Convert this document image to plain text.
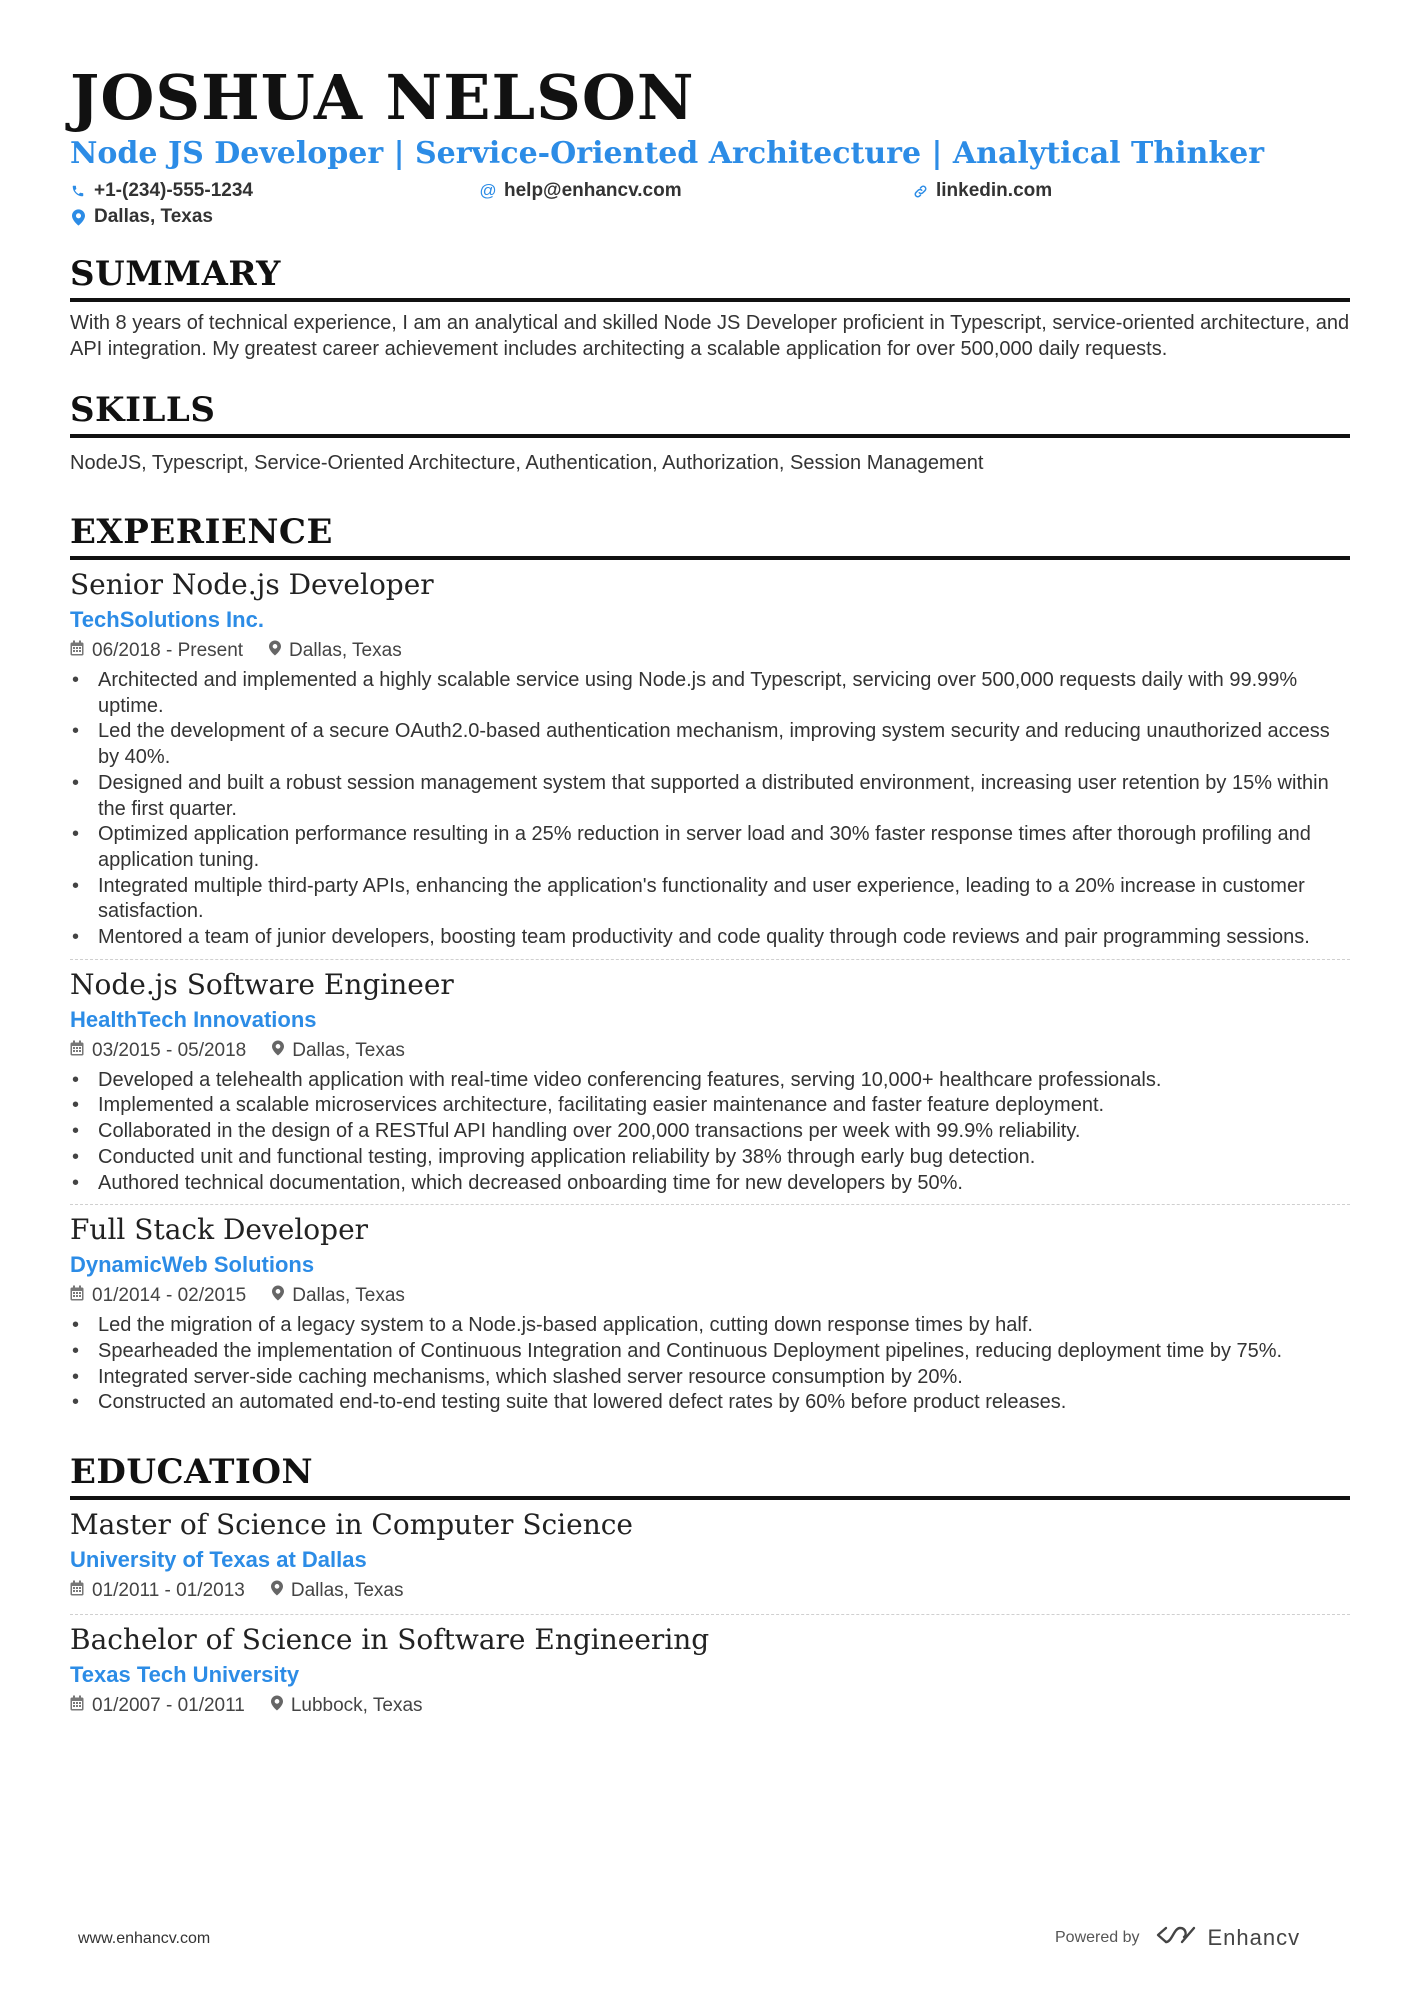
JOSHUA NELSON
Node JS Developer | Service-Oriented Architecture | Analytical Thinker
+1-(234)-555-1234	@ help@enhancv.com	linkedin.com
Dallas, Texas
SUMMARY
With 8 years of technical experience, I am an analytical and skilled Node JS Developer proficient in Typescript, service-oriented architecture, and API integration. My greatest career achievement includes architecting a scalable application for over 500,000 daily requests.
SKILLS
NodeJS, Typescript, Service-Oriented Architecture, Authentication, Authorization, Session Management
EXPERIENCE
Senior Node.js Developer
TechSolutions Inc.
06/2018 - Present Dallas, Texas
• Architected and implemented a highly scalable service using Node.js and Typescript, servicing over 500,000 requests daily with 99.99% uptime.
• Led the development of a secure OAuth2.0-based authentication mechanism, improving system security and reducing unauthorized access by 40%.
• Designed and built a robust session management system that supported a distributed environment, increasing user retention by 15% within the first quarter.
• Optimized application performance resulting in a 25% reduction in server load and 30% faster response times after thorough profiling and application tuning.
• Integrated multiple third-party APIs, enhancing the application's functionality and user experience, leading to a 20% increase in customer satisfaction.
• Mentored a team of junior developers, boosting team productivity and code quality through code reviews and pair programming sessions.
Node.js Software Engineer
HealthTech Innovations
03/2015 - 05/2018 Dallas, Texas
• Developed a telehealth application with real-time video conferencing features, serving 10,000+ healthcare professionals.
• Implemented a scalable microservices architecture, facilitating easier maintenance and faster feature deployment.
• Collaborated in the design of a RESTful API handling over 200,000 transactions per week with 99.9% reliability.
• Conducted unit and functional testing, improving application reliability by 38% through early bug detection.
• Authored technical documentation, which decreased onboarding time for new developers by 50%.
Full Stack Developer
DynamicWeb Solutions
01/2014 - 02/2015 Dallas, Texas
• Led the migration of a legacy system to a Node.js-based application, cutting down response times by half.
• Spearheaded the implementation of Continuous Integration and Continuous Deployment pipelines, reducing deployment time by 75%.
• Integrated server-side caching mechanisms, which slashed server resource consumption by 20%.
• Constructed an automated end-to-end testing suite that lowered defect rates by 60% before product releases.
EDUCATION
Master of Science in Computer Science
University of Texas at Dallas
01/2011 - 01/2013 Dallas, Texas
Bachelor of Science in Software Engineering
Texas Tech University
01/2007 - 01/2011 Lubbock, Texas
www.enhancv.com	Powered by	Enhancv
